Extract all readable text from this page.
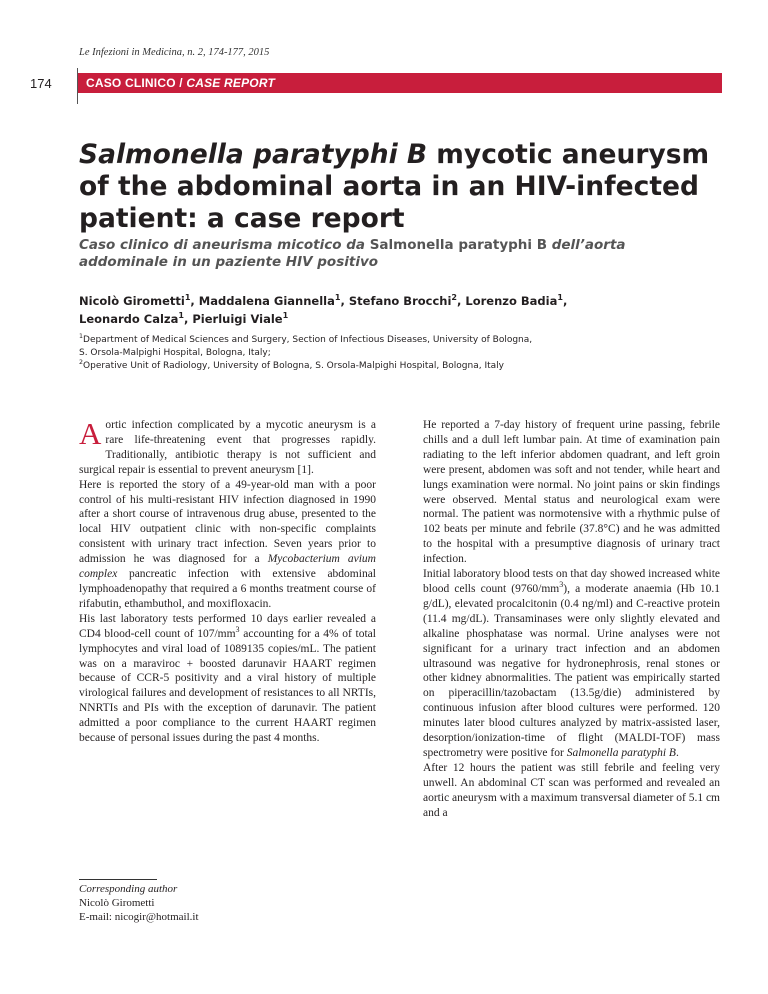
Le Infezioni in Medicina, n. 2, 174-177, 2015
174	CASO CLINICO / CASE REPORT
Salmonella paratyphi B mycotic aneurysm of the abdominal aorta in an HIV-infected patient: a case report
Caso clinico di aneurisma micotico da Salmonella paratyphi B dell’aorta addominale in un paziente HIV positivo
Nicolò Girometti$^1$, Maddalena Giannella$^1$, Stefano Brocchi$^2$, Lorenzo Badia$^1$,
Leonardo Calza$^1$, Pierluigi Viale$^1$
$^1$Department of Medical Sciences and Surgery, Section of Infectious Diseases, University of Bologna,
S. Orsola-Malpighi Hospital, Bologna, Italy;
$^2$Operative Unit of Radiology, University of Bologna, S. Orsola-Malpighi Hospital, Bologna, Italy

Aortic infection complicated by a mycotic aneurysm is a rare life-threatening event that progresses rapidly. Traditionally, antibiotic therapy is not sufficient and surgical repair is essential to prevent aneurysm [1].

Here is reported the story of a 49-year-old man with a poor control of his multi-resistant HIV infection diagnosed in 1990 after a short course of intravenous drug abuse, presented to the local HIV outpatient clinic with non-specific complaints consistent with urinary tract infection. Seven years prior to admission he was diagnosed for a Mycobacterium avium complex pancreatic infection with extensive abdominal lymphoadenopathy that required a 6 months treatment course of rifabutin, ethambuthol, and moxifloxacin.

His last laboratory tests performed 10 days earlier revealed a CD4 blood-cell count of $107/mm^3$ accounting for a 4% of total lymphocytes and viral load of 1089135 copies/mL. The patient was on a maraviroc + boosted darunavir HAART regimen because of CCR-5 positivity and a viral history of multiple virological failures and development of resistances to all NRTIs, NNRTIs and PIs with the exception of darunavir. The patient admitted a poor compliance to the current HAART regimen because of personal issues during the past 4 months.

Corresponding author
Nicolò Girometti
E-mail: nicogir@hotmail.it

He reported a 7-day history of frequent urine passing, febrile chills and a dull left lumbar pain. At time of examination pain radiating to the left inferior abdomen quadrant, and left groin were present, abdomen was soft and not tender, while heart and lungs examination were normal. No joint pains or skin findings were observed. Mental status and neurological exam were normal. The patient was normotensive with a rhythmic pulse of 102 beats per minute and febrile (37.8°C) and he was admitted to the hospital with a presumptive diagnosis of urinary tract infection.

Initial laboratory blood tests on that day showed increased white blood cells count $(9760/mm^3)$, a moderate anaemia (Hb 10.1 g/dL), elevated procalcitonin (0.4 ng/ml) and C-reactive protein (11.4 mg/dL). Transaminases were only slightly elevated and alkaline phosphatase was normal. Urine analyses were not significant for a urinary tract infection and an abdomen ultrasound was negative for hydronephrosis, renal stones or other kidney abnormalities. The patient was empirically started on piperacillin/tazobactam (13.5g/die) administered by continuous infusion after blood cultures were performed. 120 minutes later blood cultures analyzed by matrix-assisted laser, desorption/ionization-time of flight (MALDI-TOF) mass spectrometry were positive for Salmonella paratyphi B.

After 12 hours the patient was still febrile and feeling very unwell. An abdominal CT scan was performed and revealed an aortic aneurysm with a maximum transversal diameter of 5.1 cm and a
